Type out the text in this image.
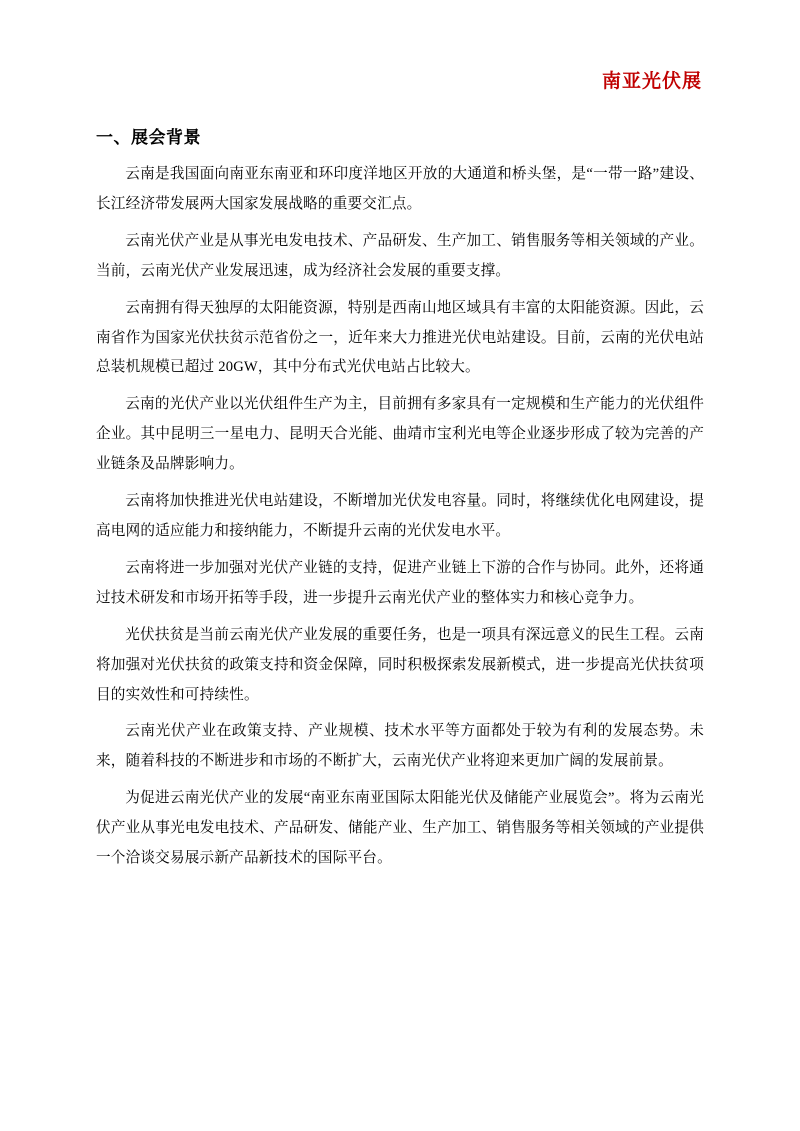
南亚光伏展
一、展会背景

云南是我国面向南亚东南亚和环印度洋地区开放的大通道和桥头堡，是“一带一路”建设、长江经济带发展两大国家发展战略的重要交汇点。

云南光伏产业是从事光电发电技术、产品研发、生产加工、销售服务等相关领域的产业。当前，云南光伏产业发展迅速，成为经济社会发展的重要支撑。

云南拥有得天独厚的太阳能资源，特别是西南山地区域具有丰富的太阳能资源。因此，云南省作为国家光伏扶贫示范省份之一，近年来大力推进光伏电站建设。目前，云南的光伏电站总装机规模已超过 20GW，其中分布式光伏电站占比较大。

云南的光伏产业以光伏组件生产为主，目前拥有多家具有一定规模和生产能力的光伏组件企业。其中昆明三一星电力、昆明天合光能、曲靖市宝利光电等企业逐步形成了较为完善的产业链条及品牌影响力。

云南将加快推进光伏电站建设，不断增加光伏发电容量。同时，将继续优化电网建设，提高电网的适应能力和接纳能力，不断提升云南的光伏发电水平。

云南将进一步加强对光伏产业链的支持，促进产业链上下游的合作与协同。此外，还将通过技术研发和市场开拓等手段，进一步提升云南光伏产业的整体实力和核心竞争力。

光伏扶贫是当前云南光伏产业发展的重要任务，也是一项具有深远意义的民生工程。云南将加强对光伏扶贫的政策支持和资金保障，同时积极探索发展新模式，进一步提高光伏扶贫项目的实效性和可持续性。

云南光伏产业在政策支持、产业规模、技术水平等方面都处于较为有利的发展态势。未来，随着科技的不断进步和市场的不断扩大，云南光伏产业将迎来更加广阔的发展前景。

为促进云南光伏产业的发展“南亚东南亚国际太阳能光伏及储能产业展览会”。将为云南光伏产业从事光电发电技术、产品研发、储能产业、生产加工、销售服务等相关领域的产业提供一个洽谈交易展示新产品新技术的国际平台。
